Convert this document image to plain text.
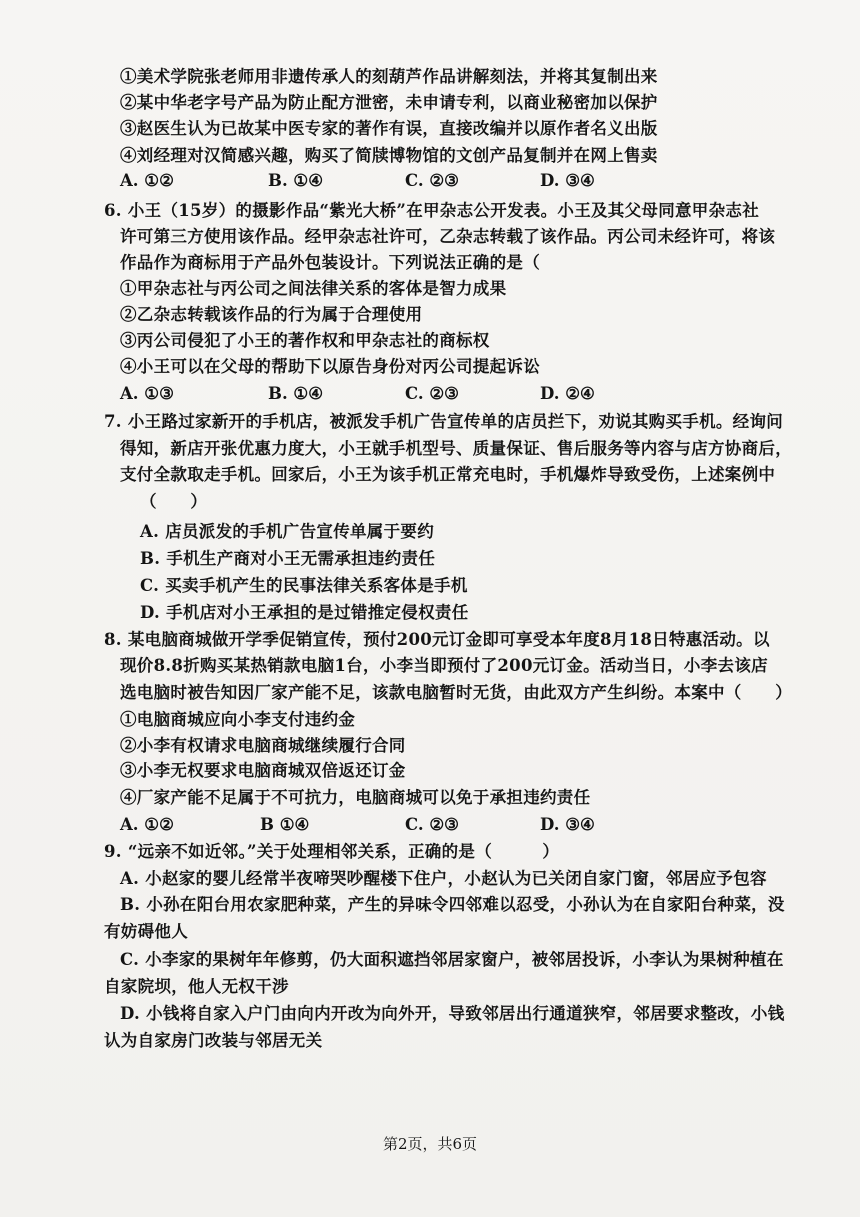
①美术学院张老师用非遗传承人的刻葫芦作品讲解刻法，并将其复制出来
②某中华老字号产品为防止配方泄密，未申请专利，以商业秘密加以保护
③赵医生认为已故某中医专家的著作有误，直接改编并以原作者名义出版
④刘经理对汉简感兴趣，购买了简牍博物馆的文创产品复制并在网上售卖
A. ①②	B. ①④	C. ②③	D. ③④
6. 小王（15岁）的摄影作品“紫光大桥”在甲杂志公开发表。小王及其父母同意甲杂志社
许可第三方使用该作品。经甲杂志社许可，乙杂志转载了该作品。丙公司未经许可，将该
作品作为商标用于产品外包装设计。下列说法正确的是（
①甲杂志社与丙公司之间法律关系的客体是智力成果
②乙杂志转载该作品的行为属于合理使用
③丙公司侵犯了小王的著作权和甲杂志社的商标权
④小王可以在父母的帮助下以原告身份对丙公司提起诉讼
A. ①③	B. ①④	C. ②③	D. ②④
7. 小王路过家新开的手机店，被派发手机广告宣传单的店员拦下，劝说其购买手机。经询问
得知，新店开张优惠力度大，小王就手机型号、质量保证、售后服务等内容与店方协商后，
支付全款取走手机。回家后，小王为该手机正常充电时，手机爆炸导致受伤，上述案例中
（　　）
A. 店员派发的手机广告宣传单属于要约
B. 手机生产商对小王无需承担违约责任
C. 买卖手机产生的民事法律关系客体是手机
D. 手机店对小王承担的是过错推定侵权责任
8. 某电脑商城做开学季促销宣传，预付200元订金即可享受本年度8月18日特惠活动。以
现价8.8折购买某热销款电脑1台，小李当即预付了200元订金。活动当日，小李去该店
选电脑时被告知因厂家产能不足，该款电脑暂时无货，由此双方产生纠纷。本案中（　　）
①电脑商城应向小李支付违约金
②小李有权请求电脑商城继续履行合同
③小李无权要求电脑商城双倍返还订金
④厂家产能不足属于不可抗力，电脑商城可以免于承担违约责任
A. ①②	B ①④	C. ②③	D. ③④
9. “远亲不如近邻。”关于处理相邻关系，正确的是（　　　）
A. 小赵家的婴儿经常半夜啼哭吵醒楼下住户，小赵认为已关闭自家门窗，邻居应予包容
B. 小孙在阳台用农家肥种菜，产生的异味令四邻难以忍受，小孙认为在自家阳台种菜，没
有妨碍他人
C. 小李家的果树年年修剪，仍大面积遮挡邻居家窗户，被邻居投诉，小李认为果树种植在
自家院坝，他人无权干涉
D. 小钱将自家入户门由向内开改为向外开，导致邻居出行通道狭窄，邻居要求整改，小钱
认为自家房门改装与邻居无关
第2页，共6页
